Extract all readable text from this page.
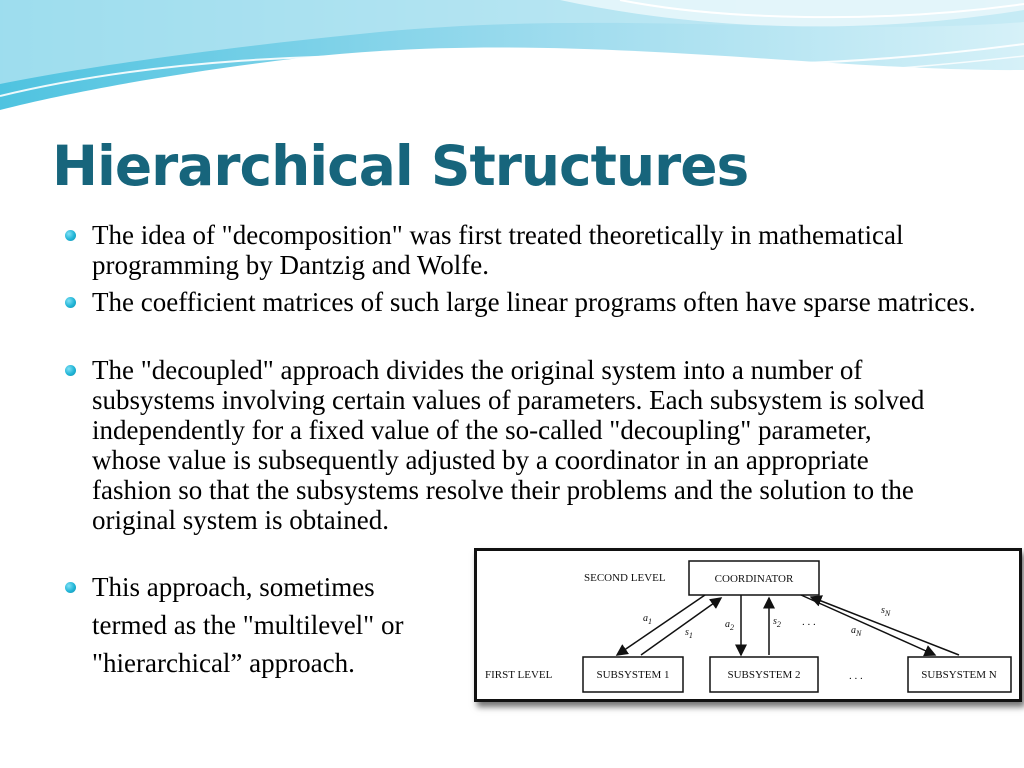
Hierarchical Structures

The idea of "decomposition" was first treated theoretically in mathematical programming by Dantzig and Wolfe.

The coefficient matrices of such large linear programs often have sparse matrices.

The "decoupled" approach divides the original system into a number of subsystems involving certain values of parameters. Each subsystem is solved independently for a fixed value of the so-called "decoupling" parameter, whose value is subsequently adjusted by a coordinator in an appropriate fashion so that the subsystems resolve their problems and the solution to the original system is obtained.

This approach, sometimes
termed as the "multilevel" or
"hierarchical” approach.

SECOND LEVEL
FIRST LEVEL
COORDINATOR
SUBSYSTEM 1	SUBSYSTEM 2	SUBSYSTEM N
. . .
. . .
$a_1$
$s_1$
$a_2$
$s_2$
$a_N$
$s_N$
